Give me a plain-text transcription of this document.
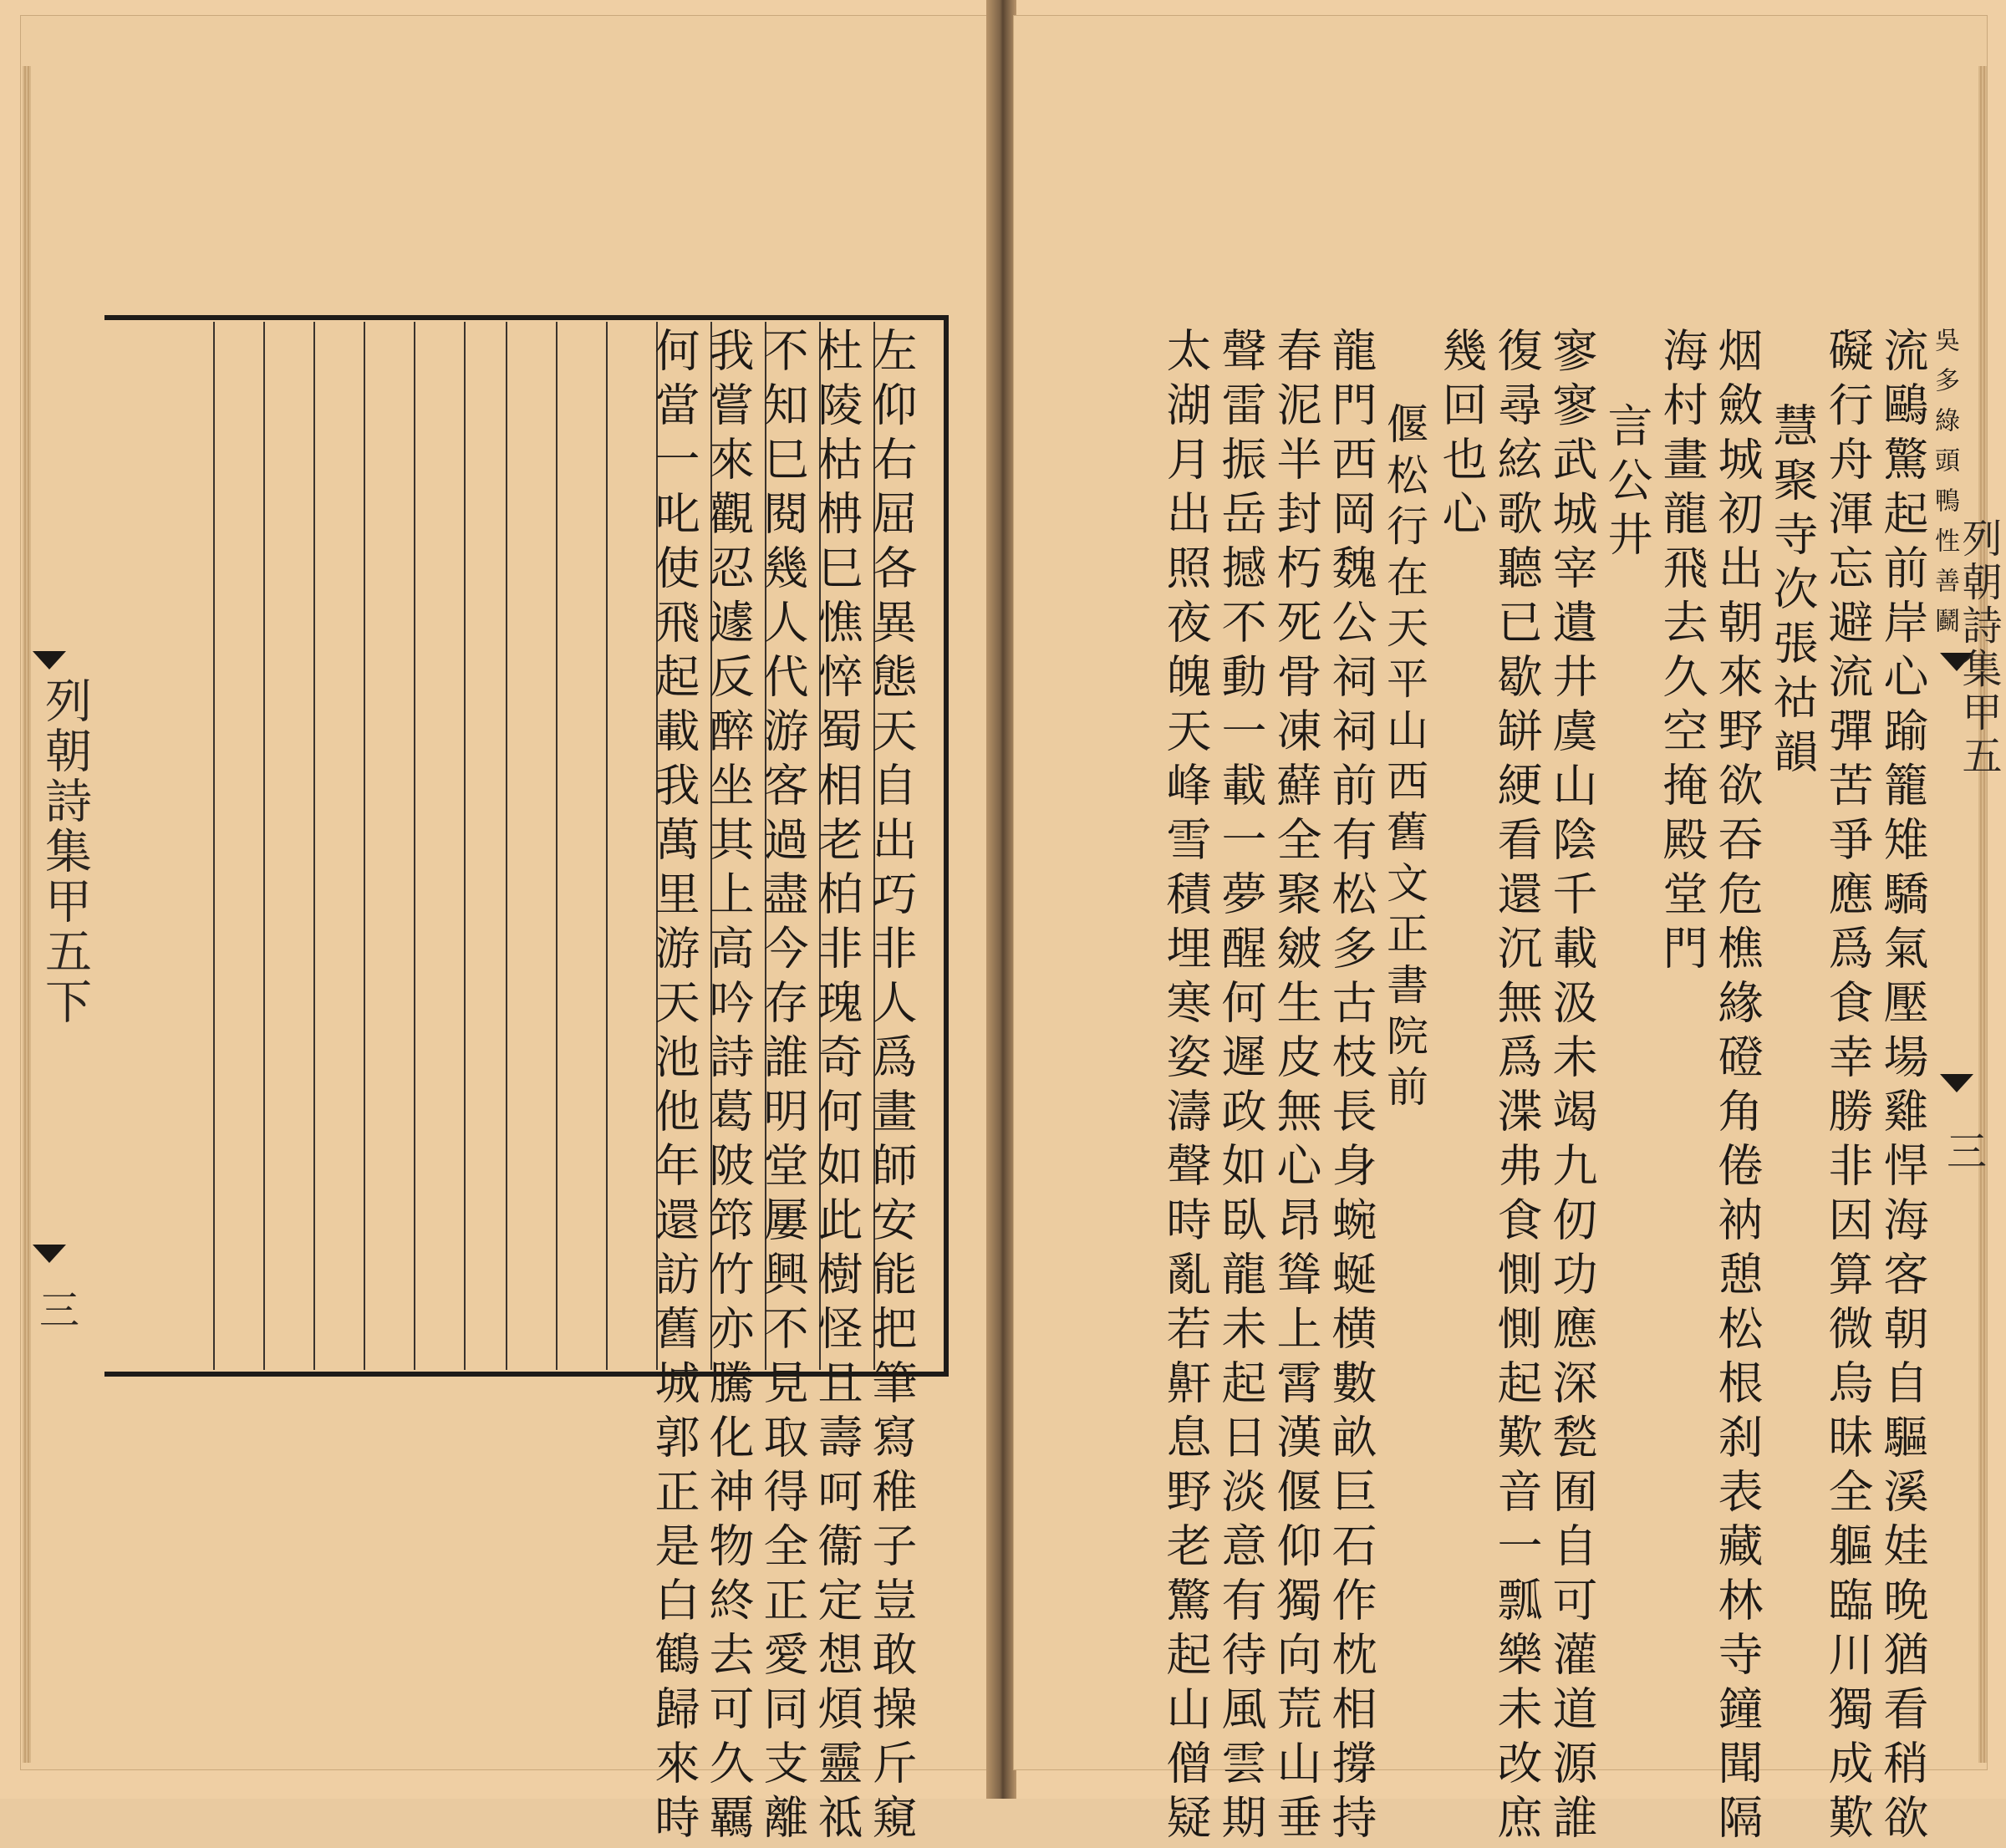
左仰右屈各異態天自出巧非人爲畫師安能把筆寫稚子豈敢操斤窺
杜陵枯柟巳憔悴蜀相老柏非瑰奇何如此樹怪且壽呵衞定想煩靈祗
不知巳閱幾人代游客過盡今存誰明堂屢興不見取得全正愛同支離
我嘗來觀忍遽反醉坐其上高吟詩葛陂筇竹亦騰化神物終去可久覊
何當一叱使飛起載我萬里游天池他年還訪舊城郭正是白鶴歸來時
列朝詩集甲五下
三
吳多綠頭鴨性善鬬
流鷗驚起前岸心踰籠雉驕氣壓場雞悍海客朝自驅溪娃晚猶看稍欲
礙行舟渾忘避流彈苦爭應爲食幸勝非因算微烏昧全軀臨川獨成歎
慧聚寺次張祜韻
烟斂城初出朝來野欲吞危樵緣磴角倦衲憩松根刹表藏林寺鐘聞隔
海村畫龍飛去久空掩殿堂門
言公井
寥寥武城宰遺井虞山陰千載汲未竭九仞功應深甃囿自可灌道源誰
復尋絃歌聽已歇缾綆看還沉無爲渫弗食惻惻起歎音一瓢樂未改庶
幾回也心
偃松行在天平山西舊文正書院前
龍門西岡魏公祠祠前有松多古枝長身蜿蜒横數畝巨石作枕相撐持
春泥半封朽死骨凍蘚全聚皴生皮無心昂聳上霄漢偃仰獨向荒山垂
聲雷振岳撼不動一載一夢醒何遲政如臥龍未起日淡意有待風雲期
太湖月出照夜魄天峰雪積埋寒姿濤聲時亂若鼾息野老驚起山僧疑	列朝詩集甲五
三
